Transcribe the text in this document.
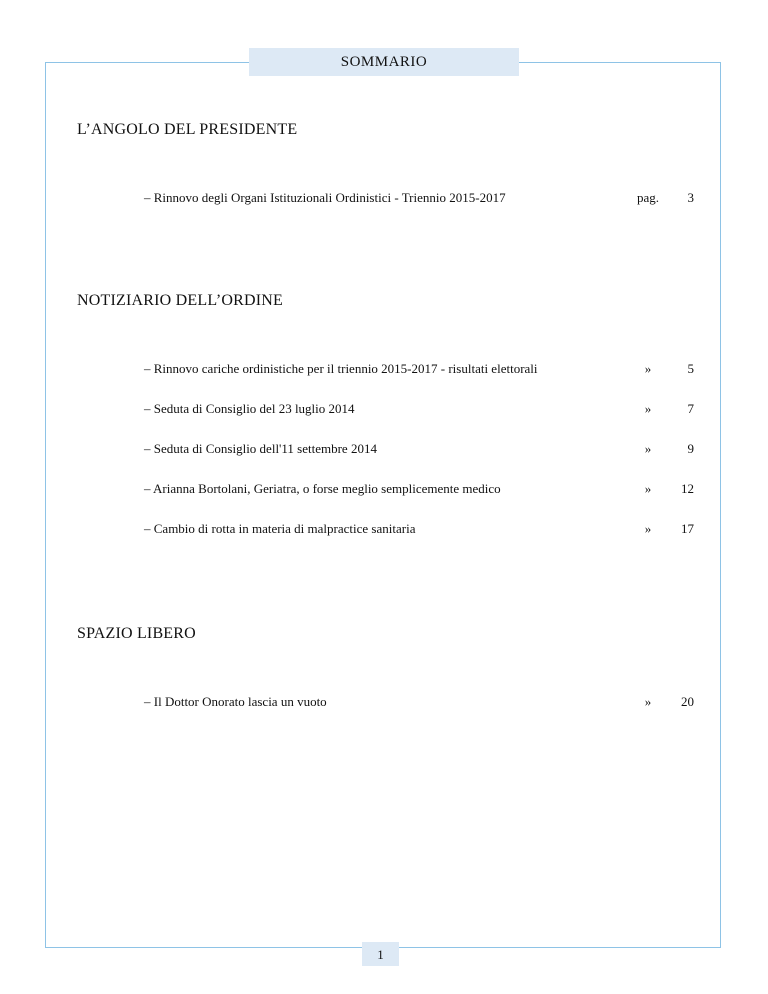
SOMMARIO
L’ANGOLO DEL PRESIDENTE
– Rinnovo degli Organi Istituzionali Ordinistici - Triennio 2015-2017	pag.	3
NOTIZIARIO DELL’ORDINE
– Rinnovo cariche ordinistiche per il triennio 2015-2017 - risultati elettorali	»	5
– Seduta di Consiglio del 23 luglio 2014	»	7
– Seduta di Consiglio dell'11 settembre 2014	»	9
– Arianna Bortolani, Geriatra, o forse meglio semplicemente medico	»	12
– Cambio di rotta in materia di malpractice sanitaria	»	17
SPAZIO LIBERO
– Il Dottor Onorato lascia un vuoto	»	20
1
